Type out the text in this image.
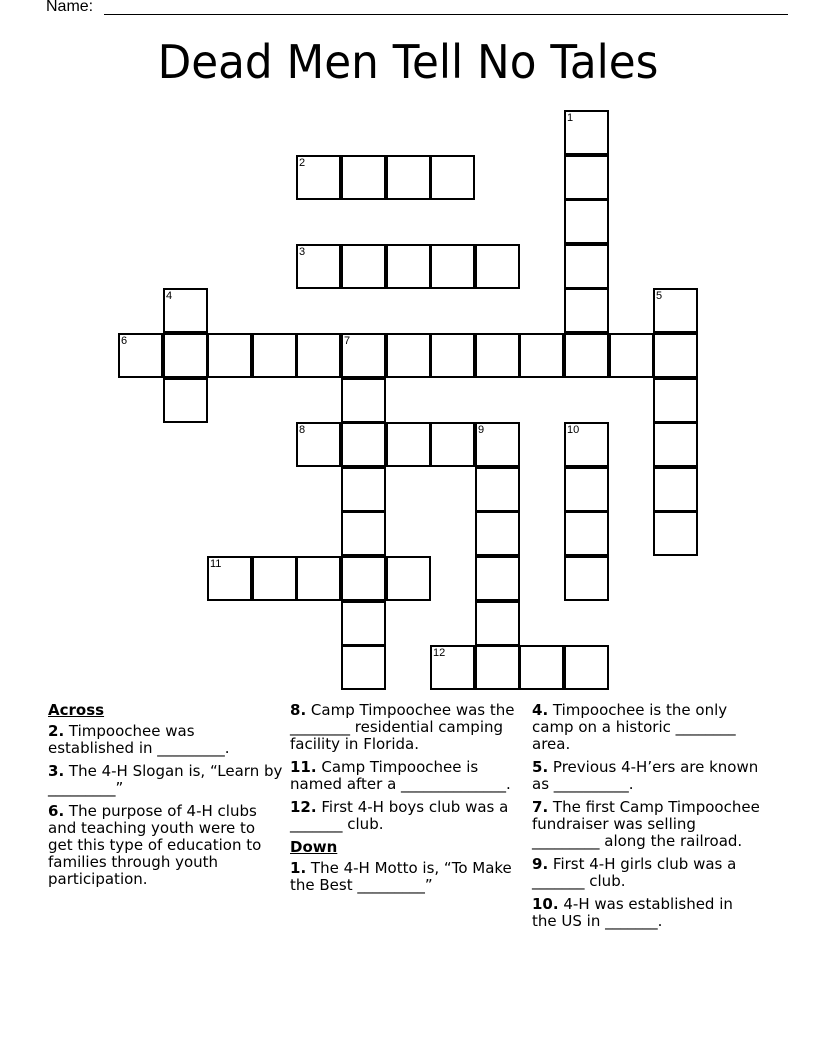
Name:
Dead Men Tell No Tales
1
2
3
4	5
6	7
8	9	10
11
12
Across
2. Timpoochee was established in _________.
3. The 4-H Slogan is, “Learn by _________”
6. The purpose of 4-H clubs and teaching youth were to get this type of education to families through youth participation.
8. Camp Timpoochee was the ________ residential camping facility in Florida.
11. Camp Timpoochee is named after a ______________.
12. First 4-H boys club was a _______ club.
Down
1. The 4-H Motto is, “To Make the Best _________”
4. Timpoochee is the only camp on a historic ________ area.
5. Previous 4-H’ers are known as __________.
7. The first Camp Timpoochee fundraiser was selling _________ along the railroad.
9. First 4-H girls club was a _______ club.
10. 4-H was established in the US in _______.
